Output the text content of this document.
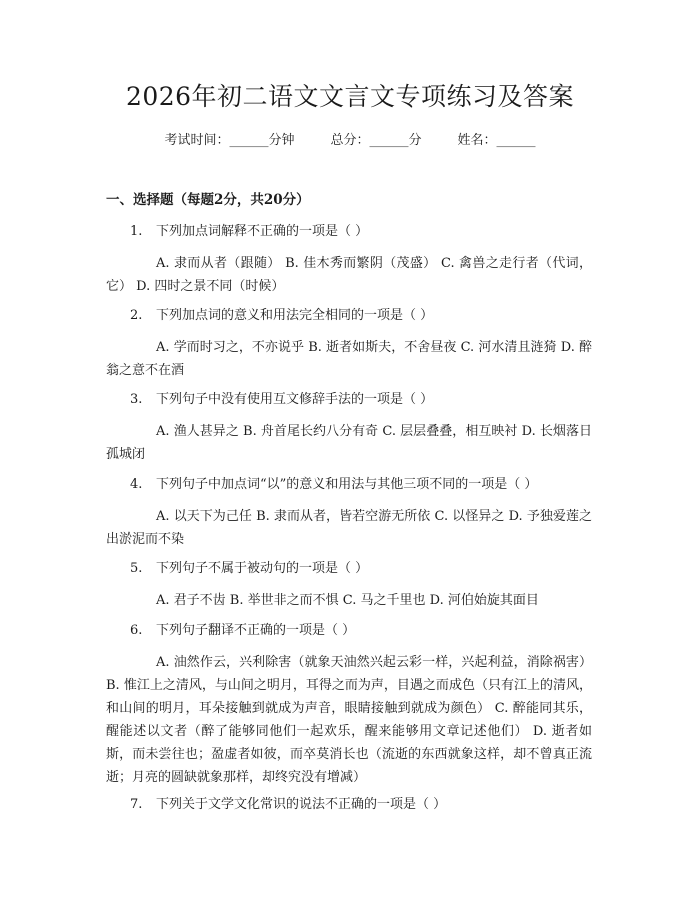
2026年初二语文文言文专项练习及答案
考试时间：______分钟	总分：______分	姓名：______
一、选择题（每题2分，共20分）
1. 下列加点词解释不正确的一项是（ ）
A. 隶而从者（跟随） B. 佳木秀而繁阴（茂盛） C. 禽兽之走行者（代词，它） D. 四时之景不同（时候）
2. 下列加点词的意义和用法完全相同的一项是（ ）
A. 学而时习之，不亦说乎 B. 逝者如斯夫，不舍昼夜 C. 河水清且涟猗 D. 醉翁之意不在酒
3. 下列句子中没有使用互文修辞手法的一项是（ ）
A. 渔人甚异之 B. 舟首尾长约八分有奇 C. 层层叠叠，相互映衬 D. 长烟落日孤城闭
4. 下列句子中加点词“以”的意义和用法与其他三项不同的一项是（ ）
A. 以天下为己任 B. 隶而从者，皆若空游无所依 C. 以怪异之 D. 予独爱莲之出淤泥而不染
5. 下列句子不属于被动句的一项是（ ）
A. 君子不齿 B. 举世非之而不惧 C. 马之千里也 D. 河伯始旋其面目
6. 下列句子翻译不正确的一项是（ ）
A. 油然作云，兴利除害（就象天油然兴起云彩一样，兴起利益，消除祸害） B. 惟江上之清风，与山间之明月，耳得之而为声，目遇之而成色（只有江上的清风，和山间的明月，耳朵接触到就成为声音，眼睛接触到就成为颜色） C. 醉能同其乐，醒能述以文者（醉了能够同他们一起欢乐，醒来能够用文章记述他们） D. 逝者如斯，而未尝往也；盈虚者如彼，而卒莫消长也（流逝的东西就象这样，却不曾真正流逝；月亮的圆缺就象那样，却终究没有增减）
7. 下列关于文学文化常识的说法不正确的一项是（ ）
